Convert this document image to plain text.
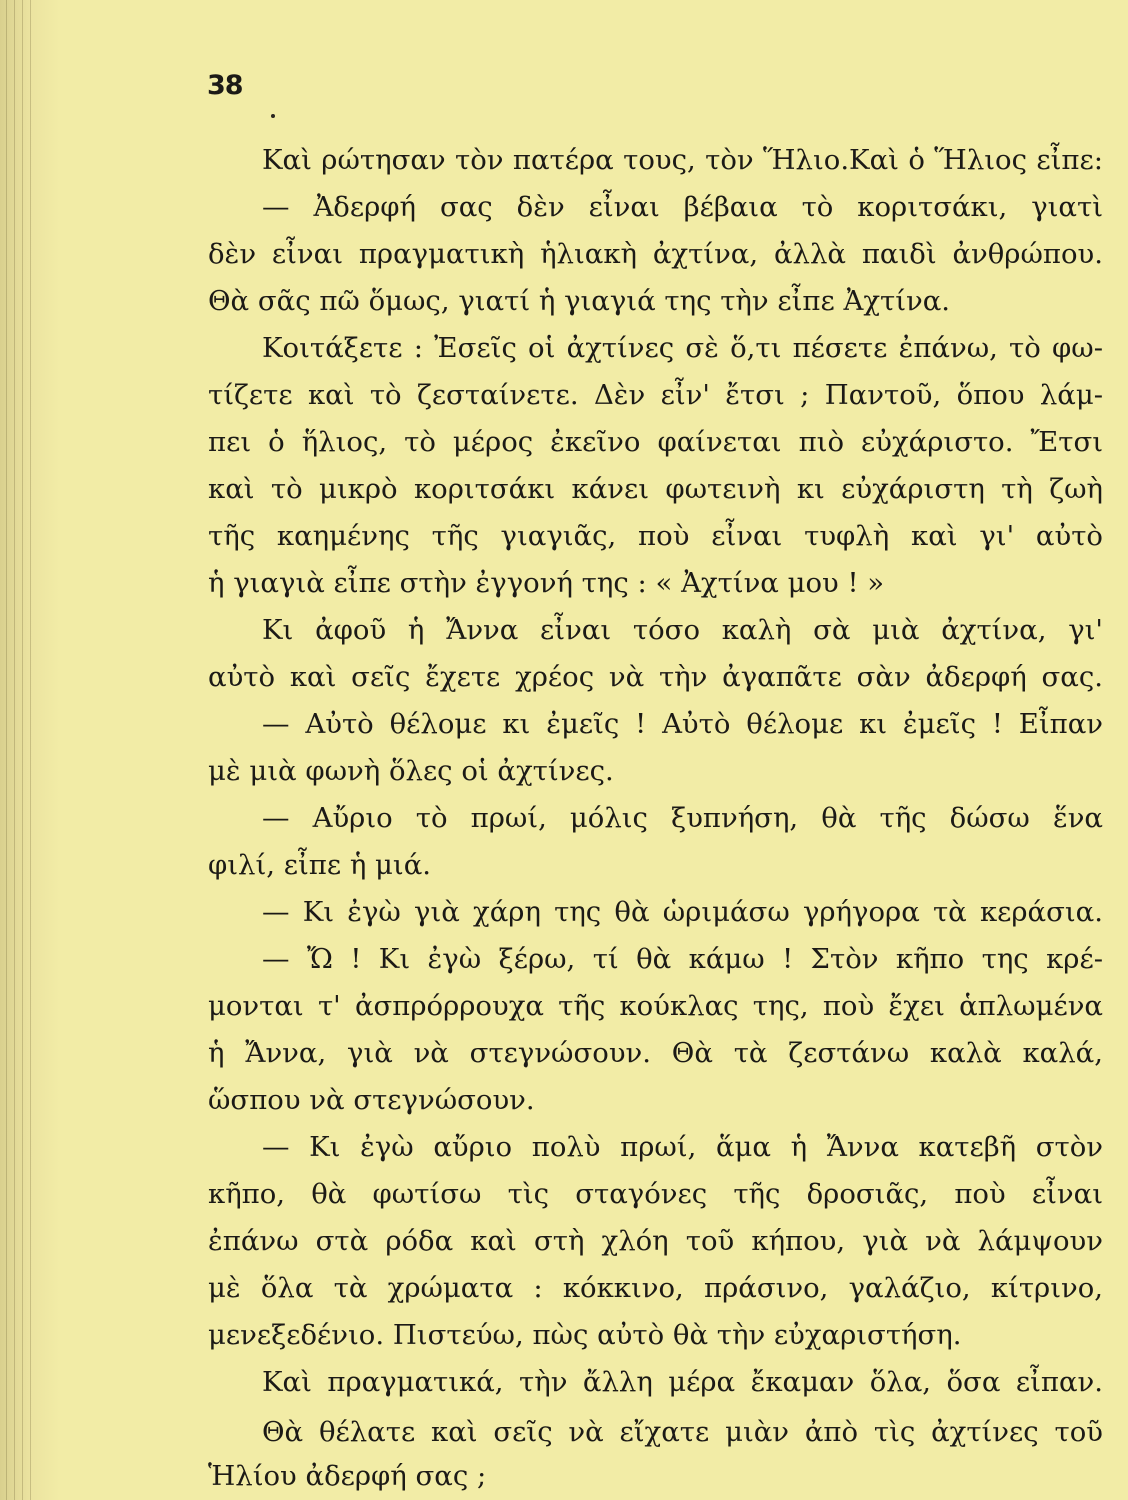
38
Καὶ ρώτησαν τὸν πατέρα τους, τὸν Ἥλιο.Καὶ ὁ Ἥλιος εἶπε:
— Ἀδερφή σας δὲν εἶναι βέβαια τὸ κοριτσάκι, γιατὶ
δὲν εἶναι πραγματικὴ ἡλιακὴ ἀχτίνα, ἀλλὰ παιδὶ ἀνθρώπου.
Θὰ σᾶς πῶ ὅμως, γιατί ἡ γιαγιά της τὴν εἶπε Ἀχτίνα.
Κοιτάξετε : Ἐσεῖς οἱ ἀχτίνες σὲ ὅ,τι πέσετε ἐπάνω, τὸ φω-
τίζετε καὶ τὸ ζεσταίνετε. Δὲν εἶν' ἔτσι ; Παντοῦ, ὅπου λάμ-
πει ὁ ἥλιος, τὸ μέρος ἐκεῖνο φαίνεται πιὸ εὐχάριστο. Ἔτσι
καὶ τὸ μικρὸ κοριτσάκι κάνει φωτεινὴ κι εὐχάριστη τὴ ζωὴ
τῆς καημένης τῆς γιαγιᾶς, ποὺ εἶναι τυφλὴ καὶ γι' αὐτὸ
ἡ γιαγιὰ εἶπε στὴν ἐγγονή της : « Ἀχτίνα μου ! »
Κι ἀφοῦ ἡ Ἄννα εἶναι τόσο καλὴ σὰ μιὰ ἀχτίνα, γι'
αὐτὸ καὶ σεῖς ἔχετε χρέος νὰ τὴν ἀγαπᾶτε σὰν ἀδερφή σας.
— Αὐτὸ θέλομε κι ἐμεῖς ! Αὐτὸ θέλομε κι ἐμεῖς ! Εἶπαν
μὲ μιὰ φωνὴ ὅλες οἱ ἀχτίνες.
— Αὔριο τὸ πρωί, μόλις ξυπνήση, θὰ τῆς δώσω ἕνα
φιλί, εἶπε ἡ μιά.
— Κι ἐγὼ γιὰ χάρη της θὰ ὡριμάσω γρήγορα τὰ κεράσια.
— Ὤ ! Κι ἐγὼ ξέρω, τί θὰ κάμω ! Στὸν κῆπο της κρέ-
μονται τ' ἀσπρόρρουχα τῆς κούκλας της, ποὺ ἔχει ἁπλωμένα
ἡ Ἄννα, γιὰ νὰ στεγνώσουν. Θὰ τὰ ζεστάνω καλὰ καλά,
ὥσπου νὰ στεγνώσουν.
— Κι ἐγὼ αὔριο πολὺ πρωί, ἅμα ἡ Ἄννα κατεβῆ στὸν
κῆπο, θὰ φωτίσω τὶς σταγόνες τῆς δροσιᾶς, ποὺ εἶναι
ἐπάνω στὰ ρόδα καὶ στὴ χλόη τοῦ κήπου, γιὰ νὰ λάμψουν
μὲ ὅλα τὰ χρώματα : κόκκινο, πράσινο, γαλάζιο, κίτρινο,
μενεξεδένιο. Πιστεύω, πὼς αὐτὸ θὰ τὴν εὐχαριστήση.
Καὶ πραγματικά, τὴν ἄλλη μέρα ἔκαμαν ὅλα, ὅσα εἶπαν.
Θὰ θέλατε καὶ σεῖς νὰ εἴχατε μιὰν ἀπὸ τὶς ἀχτίνες τοῦ
Ἡλίου ἀδερφή σας ;
